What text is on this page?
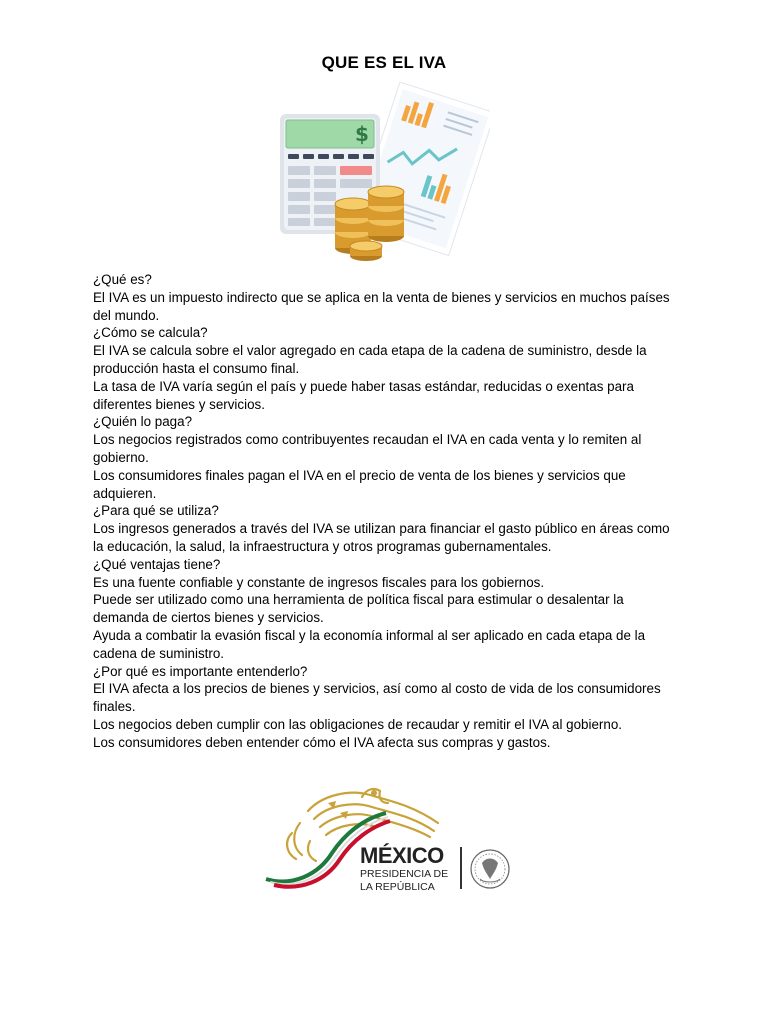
QUE ES EL IVA
$

¿Qué es?

El IVA es un impuesto indirecto que se aplica en la venta de bienes y servicios en muchos países del mundo.

¿Cómo se calcula?

El IVA se calcula sobre el valor agregado en cada etapa de la cadena de suministro, desde la producción hasta el consumo final.

La tasa de IVA varía según el país y puede haber tasas estándar, reducidas o exentas para diferentes bienes y servicios.

¿Quién lo paga?

Los negocios registrados como contribuyentes recaudan el IVA en cada venta y lo remiten al gobierno.

Los consumidores finales pagan el IVA en el precio de venta de los bienes y servicios que adquieren.

¿Para qué se utiliza?

Los ingresos generados a través del IVA se utilizan para financiar el gasto público en áreas como la educación, la salud, la infraestructura y otros programas gubernamentales.

¿Qué ventajas tiene?

Es una fuente confiable y constante de ingresos fiscales para los gobiernos.

Puede ser utilizado como una herramienta de política fiscal para estimular o desalentar la demanda de ciertos bienes y servicios.

Ayuda a combatir la evasión fiscal y la economía informal al ser aplicado en cada etapa de la cadena de suministro.

¿Por qué es importante entenderlo?

El IVA afecta a los precios de bienes y servicios, así como al costo de vida de los consumidores finales.

Los negocios deben cumplir con las obligaciones de recaudar y remitir el IVA al gobierno.

Los consumidores deben entender cómo el IVA afecta sus compras y gastos.

MÉXICO
PRESIDENCIA DE
LA REPÚBLICA
